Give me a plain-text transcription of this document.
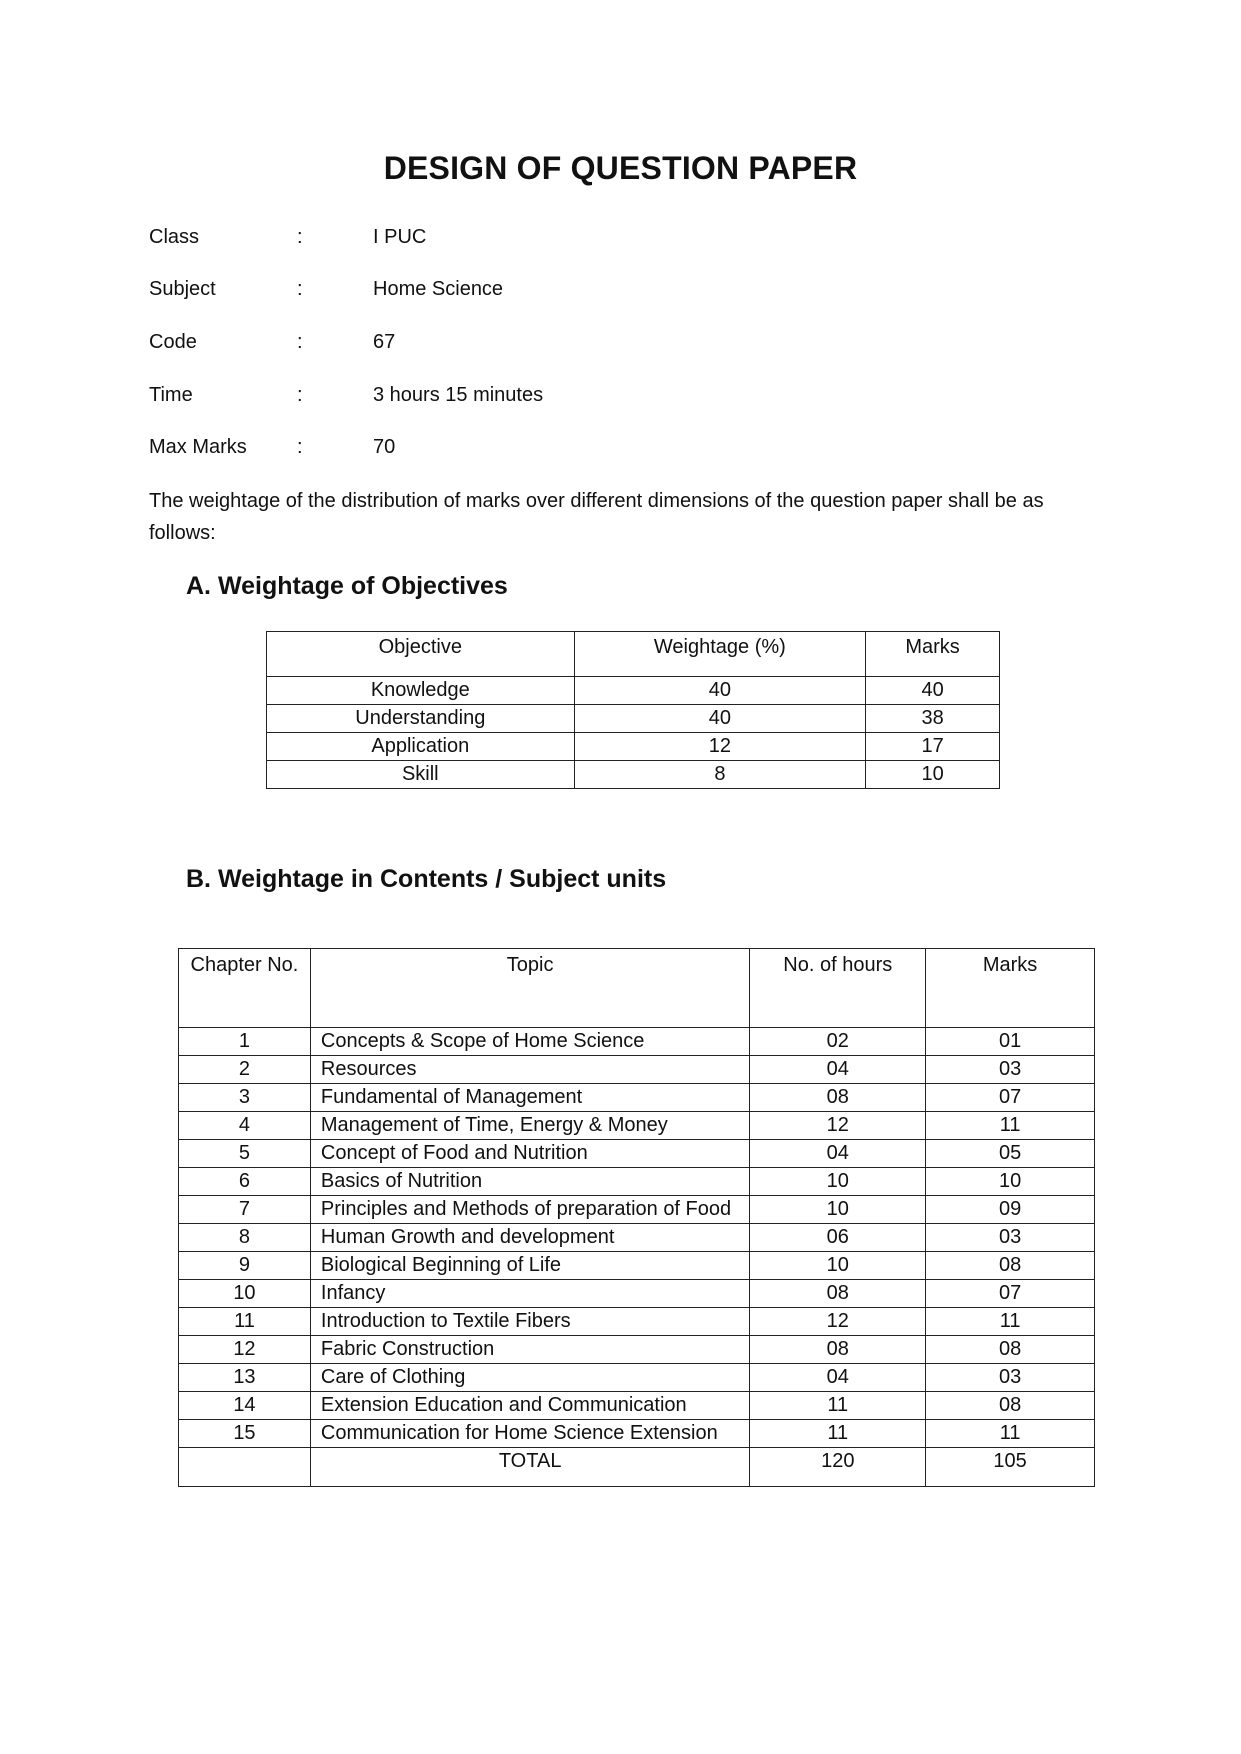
DESIGN OF QUESTION PAPER
Class	:	I PUC
Subject	:	Home Science
Code	:	67
Time	:	3 hours 15 minutes
Max Marks	:	70
The weightage of the distribution of marks over different dimensions of the question paper shall be as follows:
A. Weightage of Objectives
Objective	Weightage (%)	Marks
Knowledge	40	40
Understanding	40	38
Application	12	17
Skill	8	10
B. Weightage in Contents / Subject units
Chapter No.	Topic	No. of hours	Marks
1	Concepts & Scope of Home Science	02	01
2	Resources	04	03
3	Fundamental of Management	08	07
4	Management of Time, Energy & Money	12	11
5	Concept of Food and Nutrition	04	05
6	Basics of Nutrition	10	10
7	Principles and Methods of preparation of Food	10	09
8	Human Growth and development	06	03
9	Biological Beginning of Life	10	08
10	Infancy	08	07
11	Introduction to Textile Fibers	12	11
12	Fabric Construction	08	08
13	Care of Clothing	04	03
14	Extension Education and Communication	11	08
15	Communication for Home Science Extension	11	11
	TOTAL	120	105
